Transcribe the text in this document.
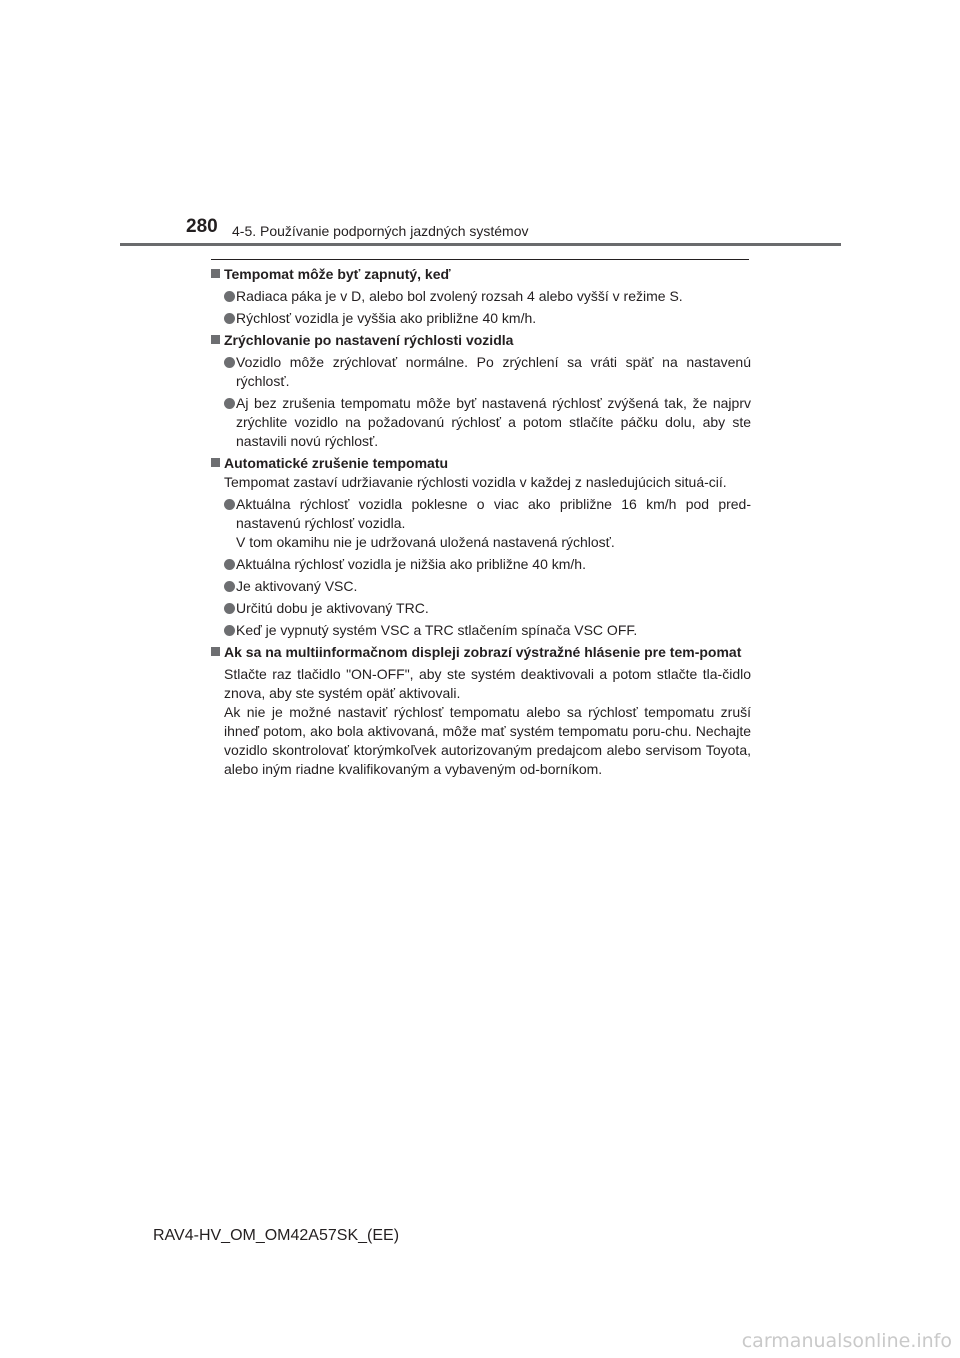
280 4-5. Používanie podporných jazdných systémov
Tempomat môže byť zapnutý, keď
Radiaca páka je v D, alebo bol zvolený rozsah 4 alebo vyšší v režime S.
Rýchlosť vozidla je vyššia ako približne 40 km/h.
Zrýchlovanie po nastavení rýchlosti vozidla
Vozidlo môže zrýchlovať normálne. Po zrýchlení sa vráti späť na nastavenú rýchlosť.
Aj bez zrušenia tempomatu môže byť nastavená rýchlosť zvýšená tak, že najprv zrýchlite vozidlo na požadovanú rýchlosť a potom stlačíte páčku dolu, aby ste nastavili novú rýchlosť.
Automatické zrušenie tempomatu
Tempomat zastaví udržiavanie rýchlosti vozidla v každej z nasledujúcich situá-cií.
Aktuálna rýchlosť vozidla poklesne o viac ako približne 16 km/h pod pred-nastavenú rýchlosť vozidla.
V tom okamihu nie je udržovaná uložená nastavená rýchlosť.
Aktuálna rýchlosť vozidla je nižšia ako približne 40 km/h.
Je aktivovaný VSC.
Určitú dobu je aktivovaný TRC.
Keď je vypnutý systém VSC a TRC stlačením spínača VSC OFF.
Ak sa na multiinformačnom displeji zobrazí výstražné hlásenie pre tem-pomat
Stlačte raz tlačidlo "ON-OFF", aby ste systém deaktivovali a potom stlačte tla-čidlo znova, aby ste systém opäť aktivovali.
Ak nie je možné nastaviť rýchlosť tempomatu alebo sa rýchlosť tempomatu zruší ihneď potom, ako bola aktivovaná, môže mať systém tempomatu poru-chu. Nechajte vozidlo skontrolovať ktorýmkoľvek autorizovaným predajcom alebo servisom Toyota, alebo iným riadne kvalifikovaným a vybaveným od-borníkom.
RAV4-HV_OM_OM42A57SK_(EE)
carmanualsonline.info
